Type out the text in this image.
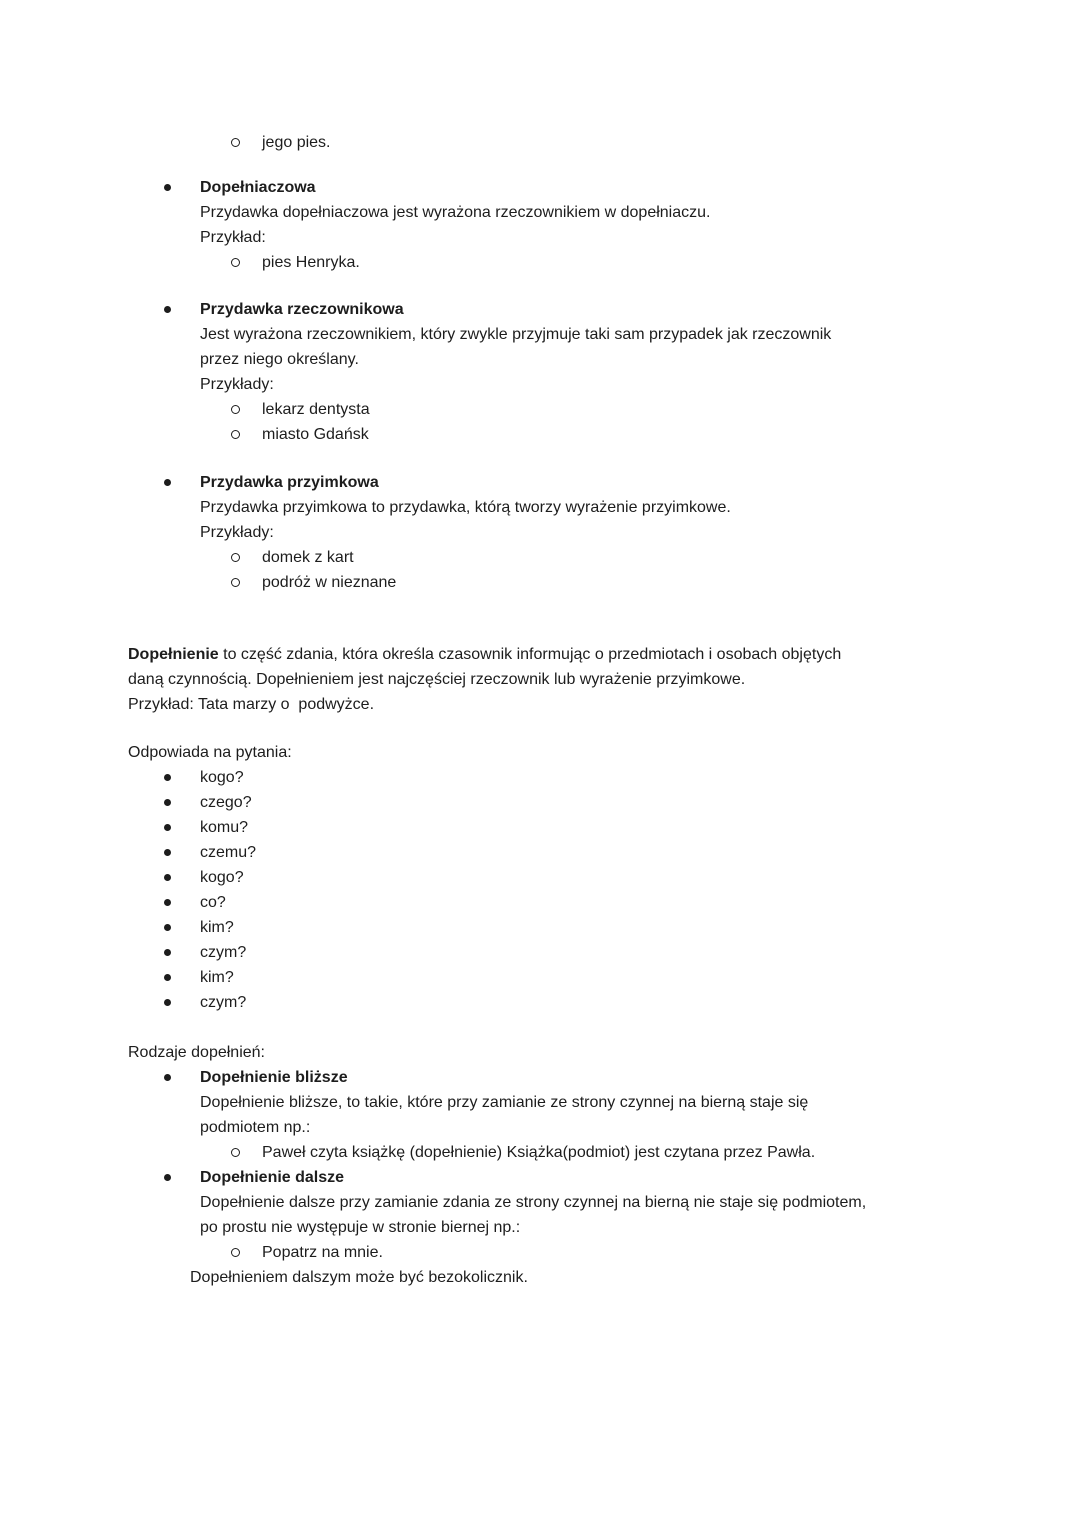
jego pies.
Dopełniaczowa
Przydawka dopełniaczowa jest wyrażona rzeczownikiem w dopełniaczu.
Przykład:
pies Henryka.
Przydawka rzeczownikowa
Jest wyrażona rzeczownikiem, który zwykle przyjmuje taki sam przypadek jak rzeczownik
przez niego określany.
Przykłady:
lekarz dentysta
miasto Gdańsk
Przydawka przyimkowa
Przydawka przyimkowa to przydawka, którą tworzy wyrażenie przyimkowe.
Przykłady:
domek z kart
podróż w nieznane
Dopełnienie to część zdania, która określa czasownik informując o przedmiotach i osobach objętych
daną czynnością. Dopełnieniem jest najczęściej rzeczownik lub wyrażenie przyimkowe.
Przykład: Tata marzy o  podwyżce.
Odpowiada na pytania:
kogo?
czego?
komu?
czemu?
kogo?
co?
kim?
czym?
kim?
czym?
Rodzaje dopełnień:
Dopełnienie bliższe
Dopełnienie bliższe, to takie, które przy zamianie ze strony czynnej na bierną staje się
podmiotem np.:
Paweł czyta książkę (dopełnienie) Książka(podmiot) jest czytana przez Pawła.
Dopełnienie dalsze
Dopełnienie dalsze przy zamianie zdania ze strony czynnej na bierną nie staje się podmiotem,
po prostu nie występuje w stronie biernej np.:
Popatrz na mnie.
Dopełnieniem dalszym może być bezokolicznik.
